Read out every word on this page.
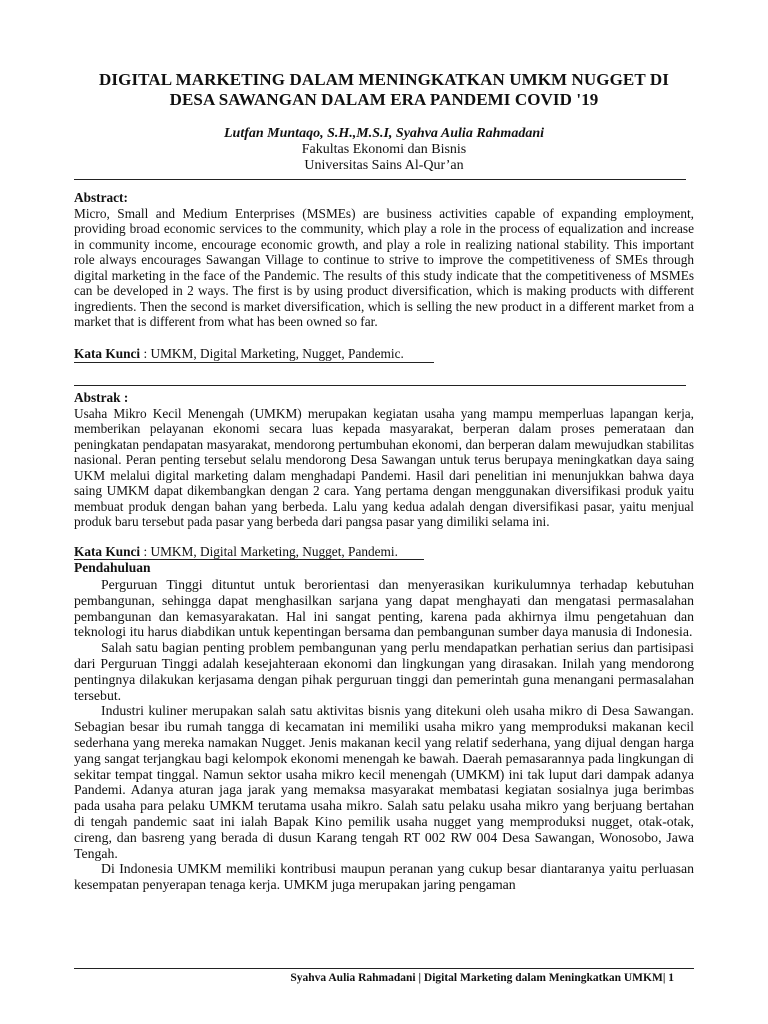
DIGITAL MARKETING DALAM MENINGKATKAN UMKM NUGGET DI
DESA SAWANGAN DALAM ERA PANDEMI COVID '19
Lutfan Muntaqo, S.H.,M.S.I, Syahva Aulia Rahmadani
Fakultas Ekonomi dan Bisnis
Universitas Sains Al-Qur’an
Abstract:
Micro, Small and Medium Enterprises (MSMEs) are business activities capable of expanding employment, providing broad economic services to the community, which play a role in the process of equalization and increase in community income, encourage economic growth, and play a role in realizing national stability. This important role always encourages Sawangan Village to continue to strive to improve the competitiveness of SMEs through digital marketing in the face of the Pandemic. The results of this study indicate that the competitiveness of MSMEs can be developed in 2 ways. The first is by using product diversification, which is making products with different ingredients. Then the second is market diversification, which is selling the new product in a different market from a market that is different from what has been owned so far.
Kata Kunci : UMKM, Digital Marketing, Nugget, Pandemic.
Abstrak :
Usaha Mikro Kecil Menengah (UMKM) merupakan kegiatan usaha yang mampu memperluas lapangan kerja, memberikan pelayanan ekonomi secara luas kepada masyarakat, berperan dalam proses pemerataan dan peningkatan pendapatan masyarakat, mendorong pertumbuhan ekonomi, dan berperan dalam mewujudkan stabilitas nasional. Peran penting tersebut selalu mendorong Desa Sawangan untuk terus berupaya meningkatkan daya saing UKM melalui digital marketing dalam menghadapi Pandemi. Hasil dari penelitian ini menunjukkan bahwa daya saing UMKM dapat dikembangkan dengan 2 cara. Yang pertama dengan menggunakan diversifikasi produk yaitu membuat produk dengan bahan yang berbeda. Lalu yang kedua adalah dengan diversifikasi pasar, yaitu menjual produk baru tersebut pada pasar yang berbeda dari pangsa pasar yang dimiliki selama ini.
Kata Kunci : UMKM, Digital Marketing, Nugget, Pandemi.
Pendahuluan

Perguruan Tinggi dituntut untuk berorientasi dan menyerasikan kurikulumnya terhadap kebutuhan pembangunan, sehingga dapat menghasilkan sarjana yang dapat menghayati dan mengatasi permasalahan pembangunan dan kemasyarakatan. Hal ini sangat penting, karena pada akhirnya ilmu pengetahuan dan teknologi itu harus diabdikan untuk kepentingan bersama dan pembangunan sumber daya manusia di Indonesia.

Salah satu bagian penting problem pembangunan yang perlu mendapatkan perhatian serius dan partisipasi dari Perguruan Tinggi adalah kesejahteraan ekonomi dan lingkungan yang dirasakan. Inilah yang mendorong pentingnya dilakukan kerjasama dengan pihak perguruan tinggi dan pemerintah guna menangani permasalahan tersebut.

Industri kuliner merupakan salah satu aktivitas bisnis yang ditekuni oleh usaha mikro di Desa Sawangan. Sebagian besar ibu rumah tangga di kecamatan ini memiliki usaha mikro yang memproduksi makanan kecil sederhana yang mereka namakan Nugget. Jenis makanan kecil yang relatif sederhana, yang dijual dengan harga yang sangat terjangkau bagi kelompok ekonomi menengah ke bawah. Daerah pemasarannya pada lingkungan di sekitar tempat tinggal. Namun sektor usaha mikro kecil menengah (UMKM) ini tak luput dari dampak adanya Pandemi. Adanya aturan jaga jarak yang memaksa masyarakat membatasi kegiatan sosialnya juga berimbas pada usaha para pelaku UMKM terutama usaha mikro. Salah satu pelaku usaha mikro yang berjuang bertahan di tengah pandemic saat ini ialah Bapak Kino pemilik usaha nugget yang memproduksi nugget, otak-otak, cireng, dan basreng yang berada di dusun Karang tengah RT 002 RW 004 Desa Sawangan, Wonosobo, Jawa Tengah.

Di Indonesia UMKM memiliki kontribusi maupun peranan yang cukup besar diantaranya yaitu perluasan kesempatan penyerapan tenaga kerja. UMKM juga merupakan jaring pengaman

Syahva Aulia Rahmadani | Digital Marketing dalam Meningkatkan UMKM| 1
